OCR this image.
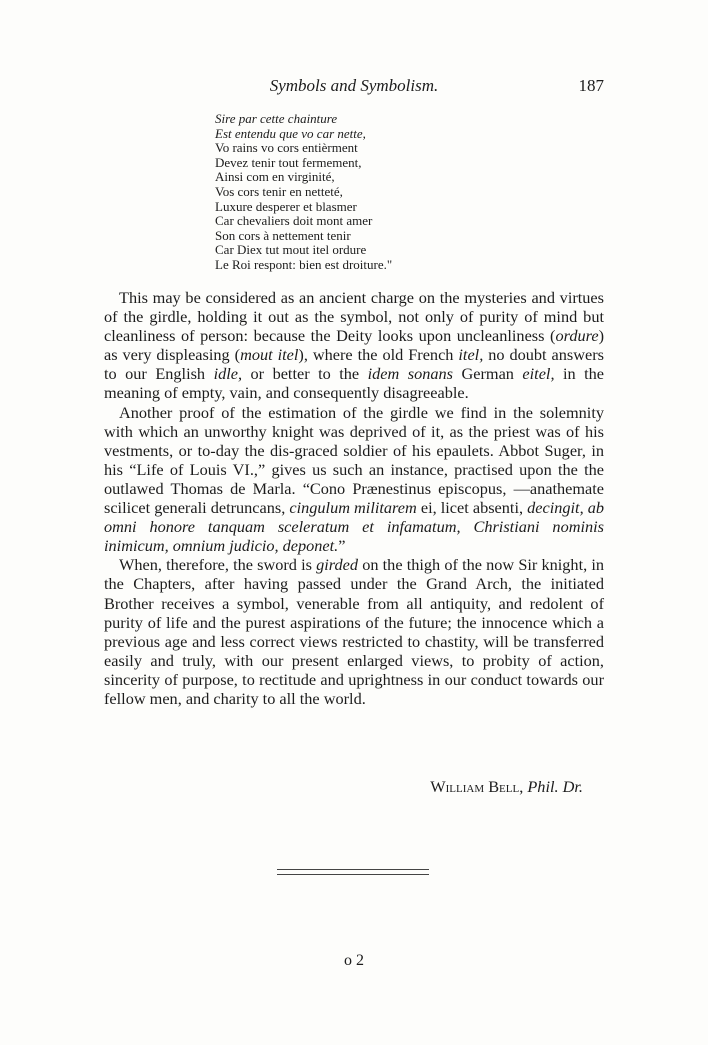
Symbols and Symbolism.	187
Sire par cette chainture
Est entendu que vo car nette,
Vo rains vo cors entièrment
Devez tenir tout fermement,
Ainsi com en virginité,
Vos cors tenir en netteté,
Luxure desperer et blasmer
Car chevaliers doit mont amer
Son cors à nettement tenir
Car Diex tut mout itel ordure
Le Roi respont: bien est droiture."

This may be considered as an ancient charge on the mysteries and virtues of the girdle, holding it out as the symbol, not only of purity of mind but cleanliness of person: because the Deity looks upon uncleanliness (ordure) as very displeasing (mout itel), where the old French itel, no doubt answers to our English idle, or better to the idem sonans German eitel, in the meaning of empty, vain, and consequently disagreeable.

Another proof of the estimation of the girdle we find in the solemnity with which an unworthy knight was deprived of it, as the priest was of his vestments, or to-day the dis-graced soldier of his epaulets. Abbot Suger, in his “Life of Louis VI.,” gives us such an instance, practised upon the the outlawed Thomas de Marla. “Cono Prænestinus episcopus, —anathemate scilicet generali detruncans, cingulum militarem ei, licet absenti, decingit, ab omni honore tanquam sceleratum et infamatum, Christiani nominis inimicum, omnium judicio, deponet.”

When, therefore, the sword is girded on the thigh of the now Sir knight, in the Chapters, after having passed under the Grand Arch, the initiated Brother receives a symbol, venerable from all antiquity, and redolent of purity of life and the purest aspirations of the future; the innocence which a previous age and less correct views restricted to chastity, will be transferred easily and truly, with our present enlarged views, to probity of action, sincerity of purpose, to rectitude and uprightness in our conduct towards our fellow men, and charity to all the world.

William Bell, Phil. Dr.
o 2
